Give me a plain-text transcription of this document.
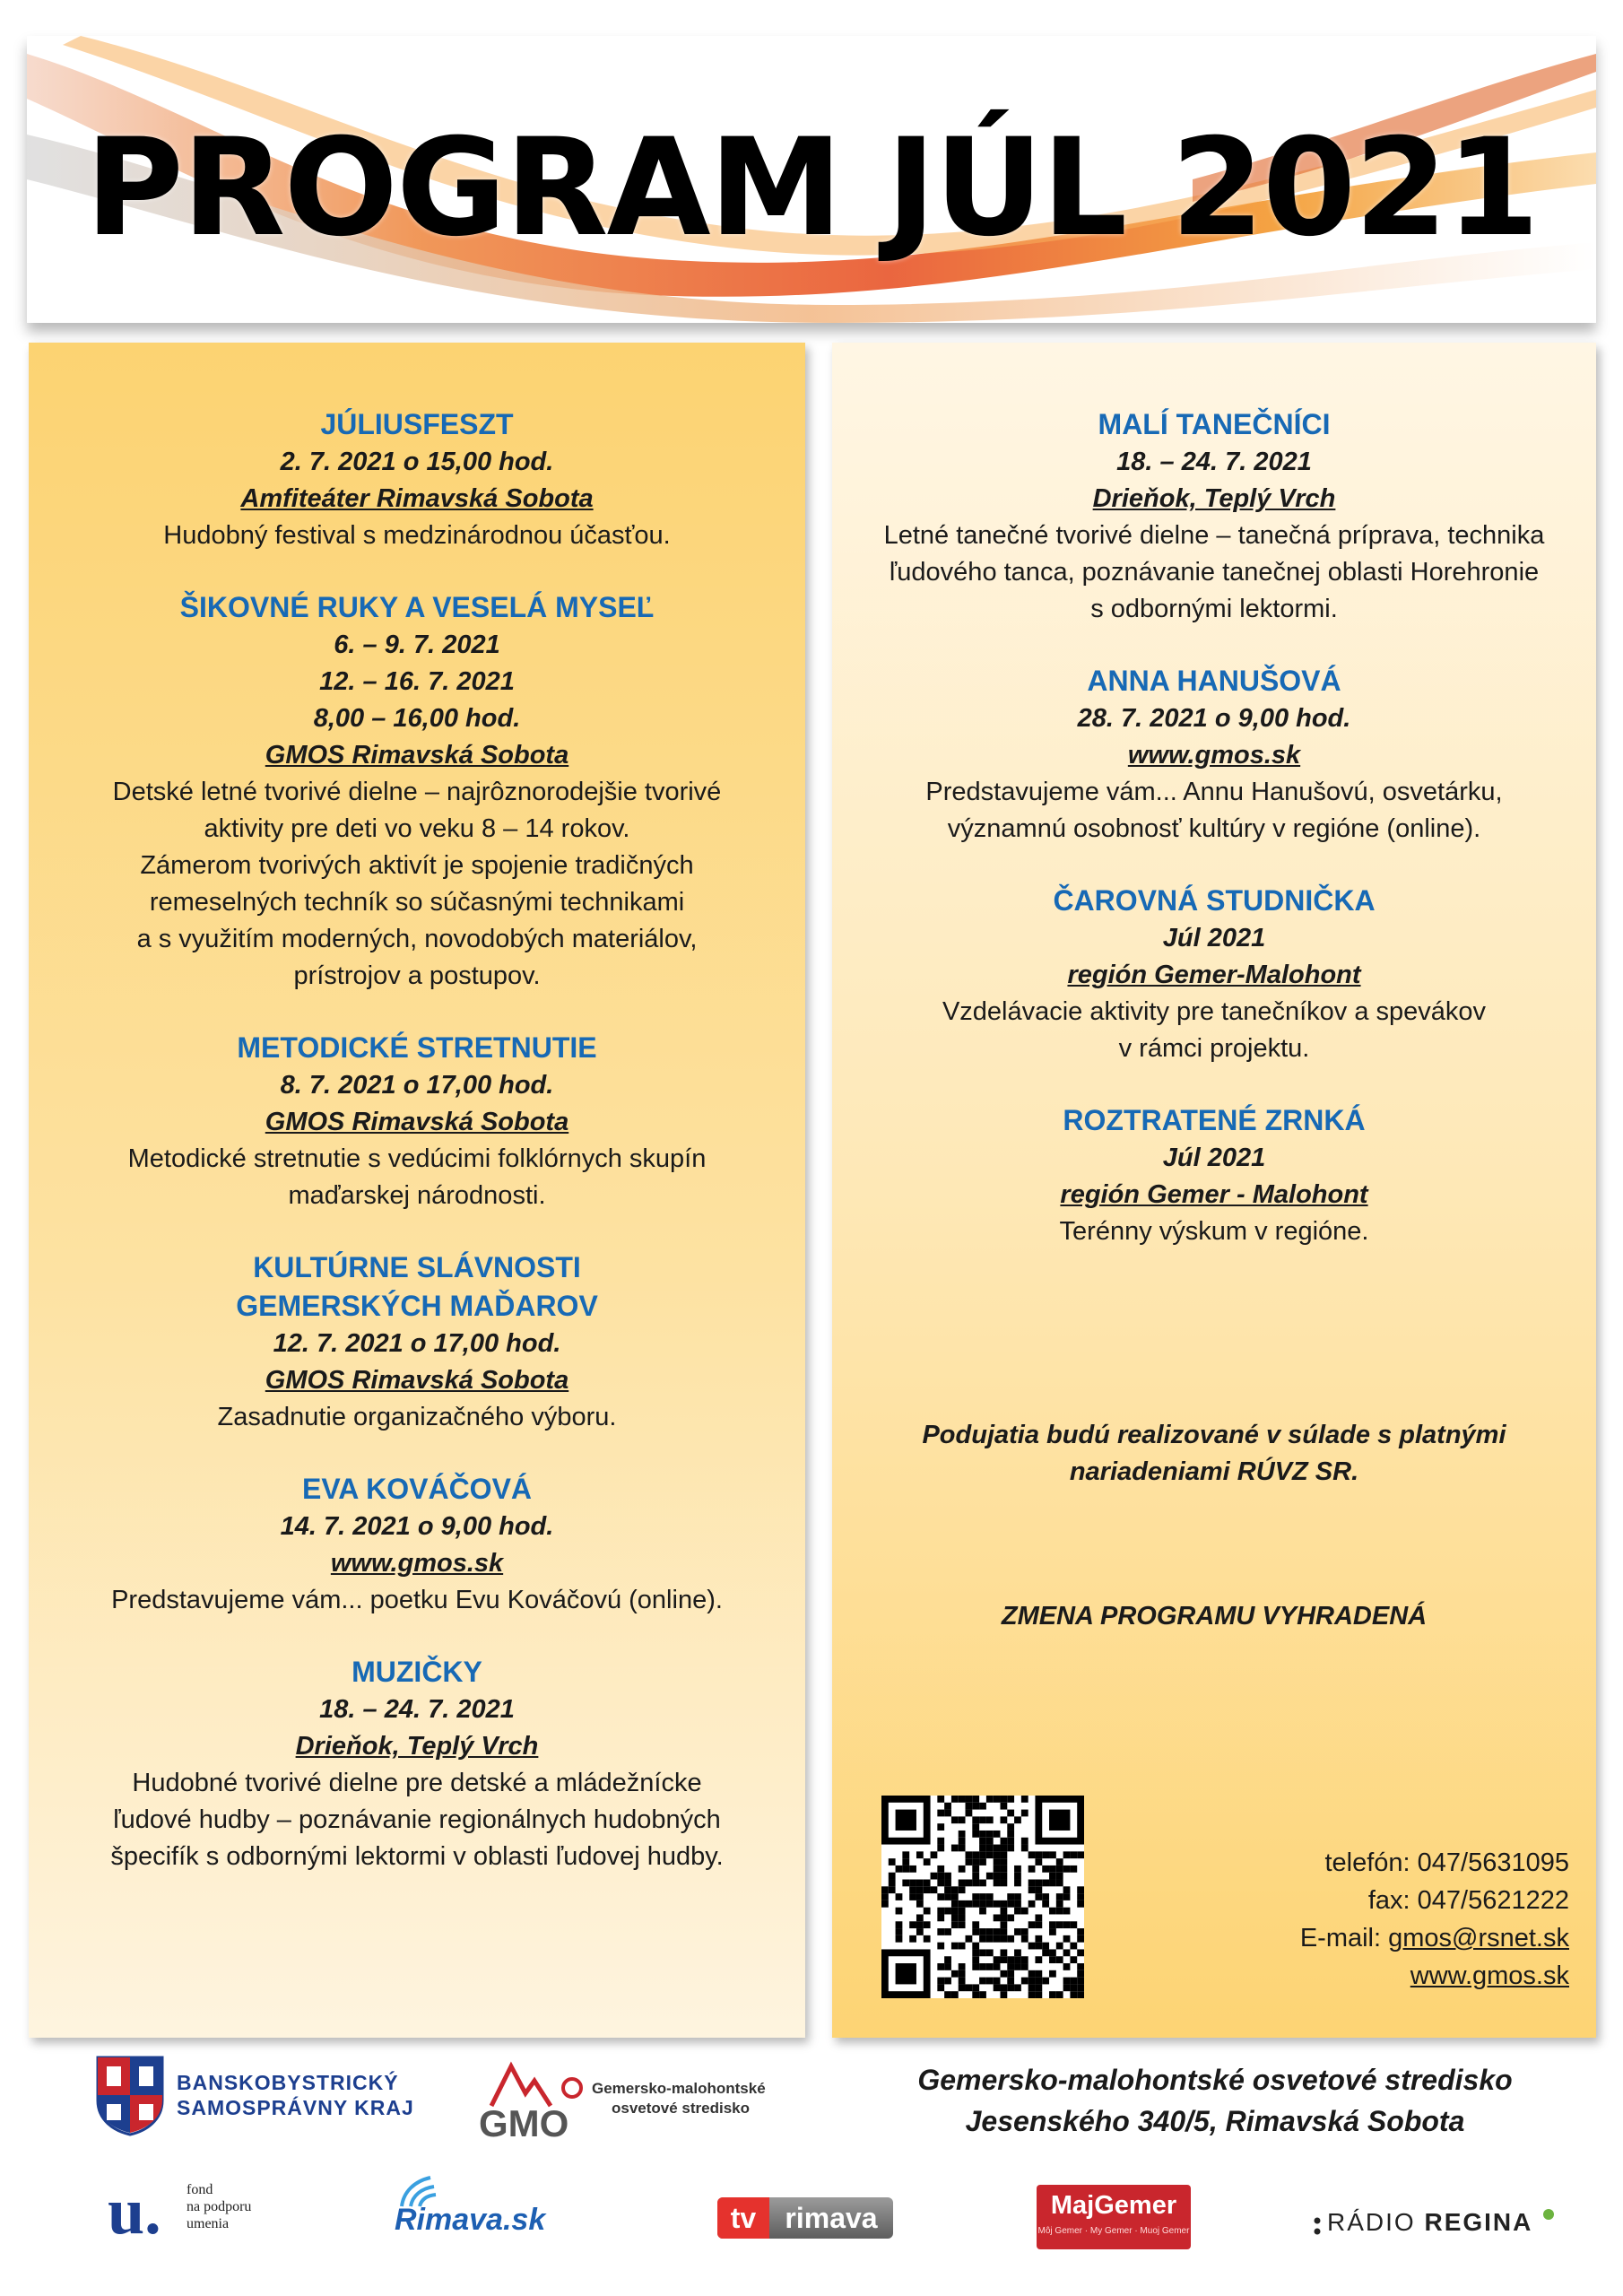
PROGRAM JÚL 2021
JÚLIUSFESZT
2. 7. 2021 o 15,00 hod.
Amfiteáter Rimavská Sobota
Hudobný festival s medzinárodnou účasťou.
ŠIKOVNÉ RUKY A VESELÁ MYSEĽ
6. – 9. 7. 2021
12. – 16. 7. 2021
8,00 – 16,00 hod.
GMOS Rimavská Sobota
Detské letné tvorivé dielne – najrôznorodejšie tvorivé
aktivity pre deti vo veku 8 – 14 rokov.
Zámerom tvorivých aktivít je spojenie tradičných
remeselných techník so súčasnými technikami
a s využitím moderných, novodobých materiálov,
prístrojov a postupov.
METODICKÉ STRETNUTIE
8. 7. 2021 o 17,00 hod.
GMOS Rimavská Sobota
Metodické stretnutie s vedúcimi folklórnych skupín
maďarskej národnosti.
KULTÚRNE SLÁVNOSTI
GEMERSKÝCH MAĎAROV
12. 7. 2021 o 17,00 hod.
GMOS Rimavská Sobota
Zasadnutie organizačného výboru.
EVA KOVÁČOVÁ
14. 7. 2021 o 9,00 hod.
www.gmos.sk
Predstavujeme vám... poetku Evu Kováčovú (online).
MUZIČKY
18. – 24. 7. 2021
Drieňok, Teplý Vrch
Hudobné tvorivé dielne pre detské a mládežnícke
ľudové hudby – poznávanie regionálnych hudobných
špecifík s odbornými lektormi v oblasti ľudovej hudby.
MALÍ TANEČNÍCI
18. – 24. 7. 2021
Drieňok, Teplý Vrch
Letné tanečné tvorivé dielne – tanečná príprava, technika
ľudového tanca, poznávanie tanečnej oblasti Horehronie
s odbornými lektormi.
ANNA HANUŠOVÁ
28. 7. 2021 o 9,00 hod.
www.gmos.sk
Predstavujeme vám... Annu Hanušovú, osvetárku,
významnú osobnosť kultúry v regióne (online).
ČAROVNÁ STUDNIČKA
Júl 2021
región Gemer-Malohont
Vzdelávacie aktivity pre tanečníkov a spevákov
v rámci projektu.
ROZTRATENÉ ZRNKÁ
Júl 2021
región Gemer - Malohont
Terénny výskum v regióne.
Podujatia budú realizované v súlade s platnými
nariadeniami RÚVZ SR.
ZMENA PROGRAMU VYHRADENÁ
telefón: 047/5631095
fax: 047/5621222
E-mail: gmos@rsnet.sk
www.gmos.sk
Gemersko-malohontské osvetové stredisko
Jesenského 340/5, Rimavská Sobota
BANSKOBYSTRICKÝ
SAMOSPRÁVNY KRAJ GMO
Gemersko-malohontské
osvetové stredisko
u. fond
na podporu
umenia	Rimava.sk	tv	rimava	MajGemer
Môj Gemer · My Gemer · Muoj Gemer	RÁDIO REGINA
